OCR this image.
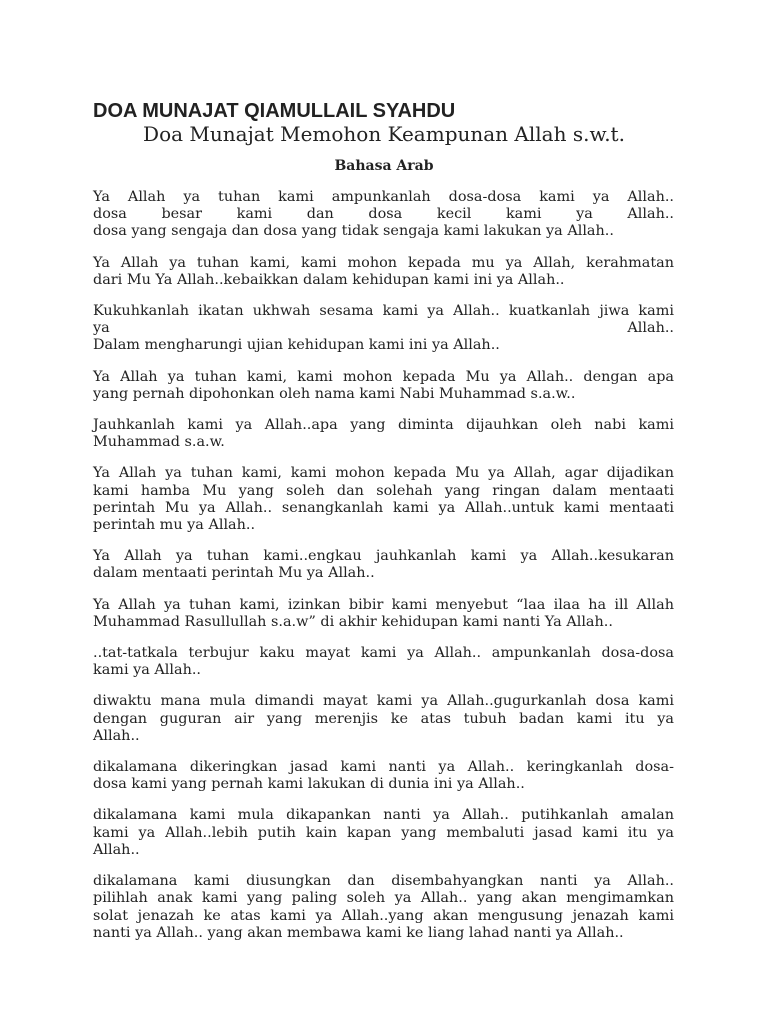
DOA MUNAJAT QIAMULLAIL SYAHDU
Doa Munajat Memohon Keampunan Allah s.w.t.
Bahasa Arab

Ya Allah ya tuhan kami ampunkanlah dosa-dosa kami ya Allah..
dosa besar kami dan dosa kecil kami ya Allah..
dosa yang sengaja dan dosa yang tidak sengaja kami lakukan ya Allah..

Ya Allah ya tuhan kami, kami mohon kepada mu ya Allah, kerahmatan
dari Mu Ya Allah..kebaikkan dalam kehidupan kami ini ya Allah..

Kukuhkanlah ikatan ukhwah sesama kami ya Allah.. kuatkanlah jiwa kami
ya Allah..
Dalam mengharungi ujian kehidupan kami ini ya Allah..

Ya Allah ya tuhan kami, kami mohon kepada Mu ya Allah.. dengan apa
yang pernah dipohonkan oleh nama kami Nabi Muhammad s.a.w..

Jauhkanlah kami ya Allah..apa yang diminta dijauhkan oleh nabi kami
Muhammad s.a.w.

Ya Allah ya tuhan kami, kami mohon kepada Mu ya Allah, agar dijadikan
kami hamba Mu yang soleh dan solehah yang ringan dalam mentaati
perintah Mu ya Allah.. senangkanlah kami ya Allah..untuk kami mentaati
perintah mu ya Allah..

Ya Allah ya tuhan kami..engkau jauhkanlah kami ya Allah..kesukaran
dalam mentaati perintah Mu ya Allah..

Ya Allah ya tuhan kami, izinkan bibir kami menyebut “laa ilaa ha ill Allah
Muhammad Rasullullah s.a.w” di akhir kehidupan kami nanti Ya Allah..

..tat-tatkala terbujur kaku mayat kami ya Allah.. ampunkanlah dosa-dosa
kami ya Allah..

diwaktu mana mula dimandi mayat kami ya Allah..gugurkanlah dosa kami
dengan guguran air yang merenjis ke atas tubuh badan kami itu ya
Allah..

dikalamana dikeringkan jasad kami nanti ya Allah.. keringkanlah dosa-
dosa kami yang pernah kami lakukan di dunia ini ya Allah..

dikalamana kami mula dikapankan nanti ya Allah.. putihkanlah amalan
kami ya Allah..lebih putih kain kapan yang membaluti jasad kami itu ya
Allah..

dikalamana kami diusungkan dan disembahyangkan nanti ya Allah..
pilihlah anak kami yang paling soleh ya Allah.. yang akan mengimamkan
solat jenazah ke atas kami ya Allah..yang akan mengusung jenazah kami
nanti ya Allah.. yang akan membawa kami ke liang lahad nanti ya Allah..
